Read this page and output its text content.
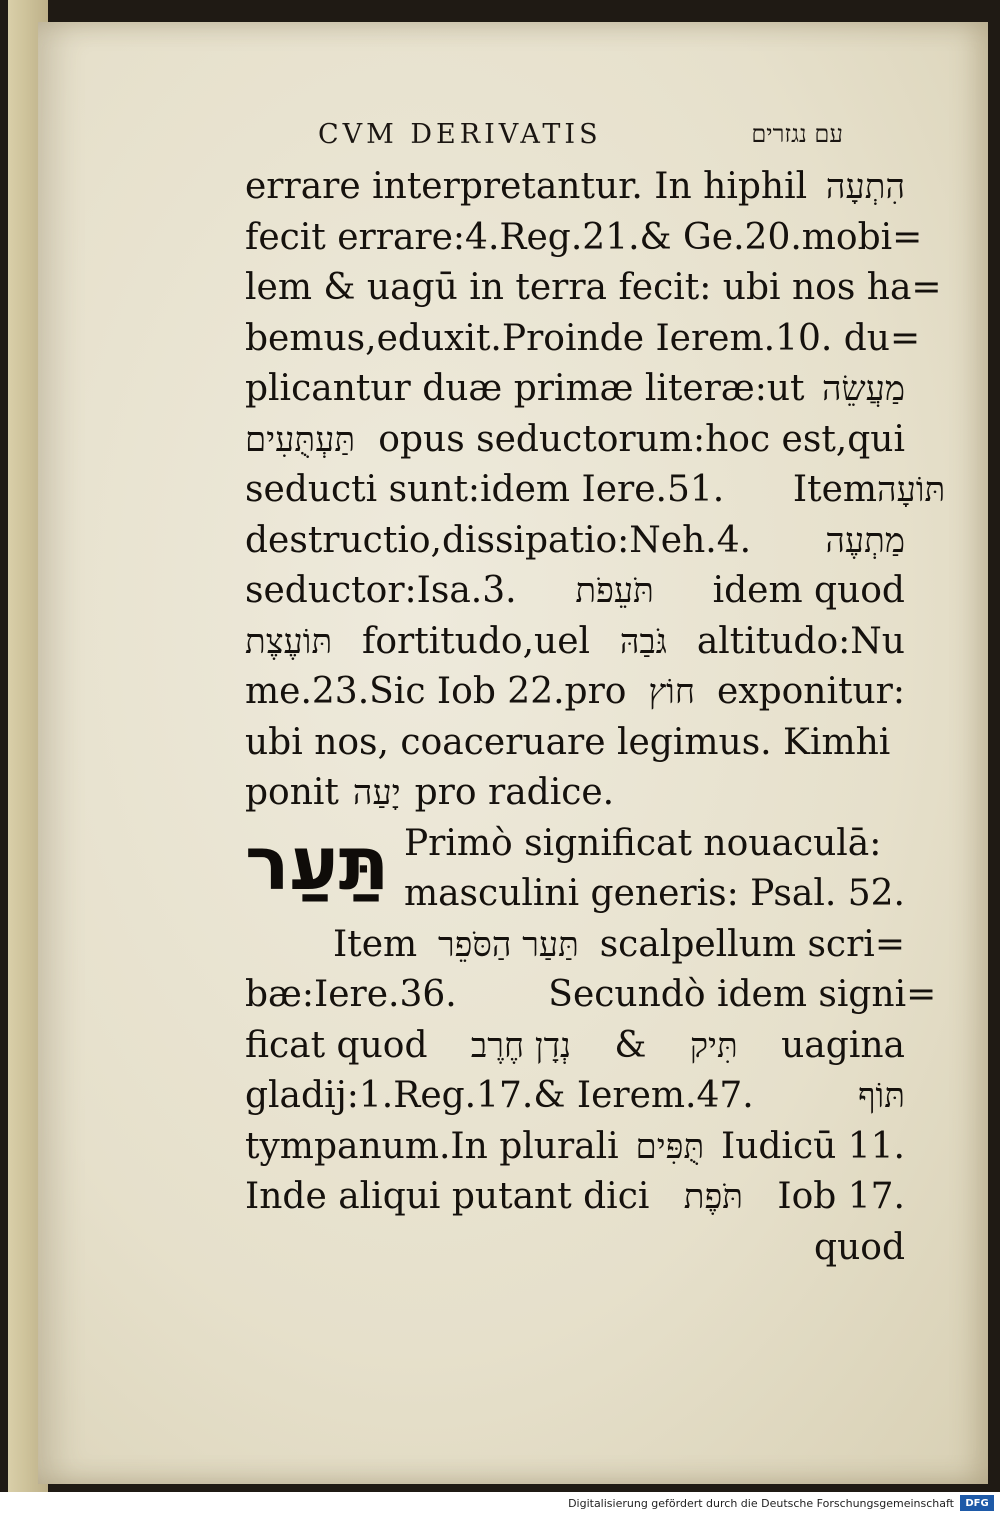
CVM DERIVATIS	עם נגזרים
errare interpretantur. In hiphil הִתְעָה
fecit errare:4.Reg.21.& Ge.20.mobi=
lem & uagū in terra fecit: ubi nos ha=
bemus,eduxit.Proinde Ierem.10. du=
plicantur duæ primæ literæ:ut מַעֲשֵׂה
תַּעְתֻּעִים opus seductorum:hoc est,qui
seducti sunt:idem Iere.51.      Item תּוֹעָה
destructio,dissipatio:Neh.4. מַתְעֶה
seductor:Isa.3. תֹּעֵפֹת idem quod
תּוֹעֶצֶת fortitudo,uel גֹּבַהּ altitudo:Nu
me.23.Sic Iob 22.pro חוֹץ exponitur:
ubi nos, coaceruare legimus. Kimhi
ponit יָעַה pro radice.
תַּעַר Primò significat nouaculā:
masculini generis: Psal. 52.
Item תַּעַר הַסֹּפֵר scalpellum scri=
bæ:Iere.36.        Secundò idem signi=
ficat quod נְדָן חֶרֶב & תִּיק uagina
gladij:1.Reg.17.& Ierem.47.	תּוֹף
tympanum.In plurali תֻּפִּים Iudicū 11.
Inde aliqui putant dici תֹּפֶת Iob 17.
quod
Digitalisierung gefördert durch die Deutsche Forschungsgemeinschaft	DFG
